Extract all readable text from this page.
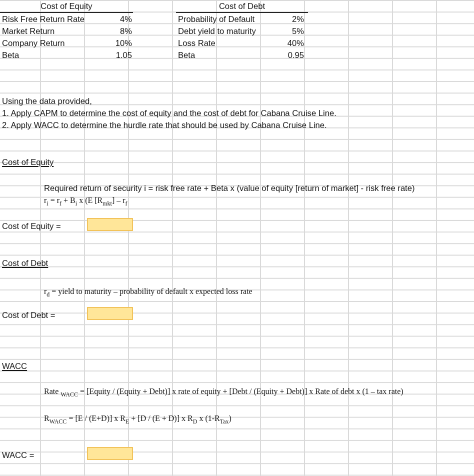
Cost of Equity
Risk Free Return Rate	4%
Market Return	8%
Company Return	10%
Beta	1.05
Cost of Debt
Probability of Default	2%
Debt yield to maturity	5%
Loss Rate	40%
Beta	0.95
Using the data provided,
1. Apply CAPM to determine the cost of equity and the cost of debt for Cabana Cruise Line.
2. Apply WACC to determine the hurdle rate that should be used by Cabana Cruise Line.
Cost of Equity
Required return of security i = risk free rate + Beta x (value of equity [return of market] - risk free rate)
$r_i = r_f + B_i$ x (E $[R_{mkt}] - r_f$
Cost of Equity =
Cost of Debt
$r_d$ = yield to maturity – probability of default x expected loss rate
Cost of Debt =
WACC
Rate $_{WACC}$ = [Equity / (Equity + Debt)] x rate of equity + [Debt / (Equity + Debt)] x Rate of debt x (1 – tax rate)
$R_{WACC} = [E / (E+D)]$ x $R_E + [D / (E + D)]$ x $R_D$ x $(1-R_{Tax})$
WACC =
